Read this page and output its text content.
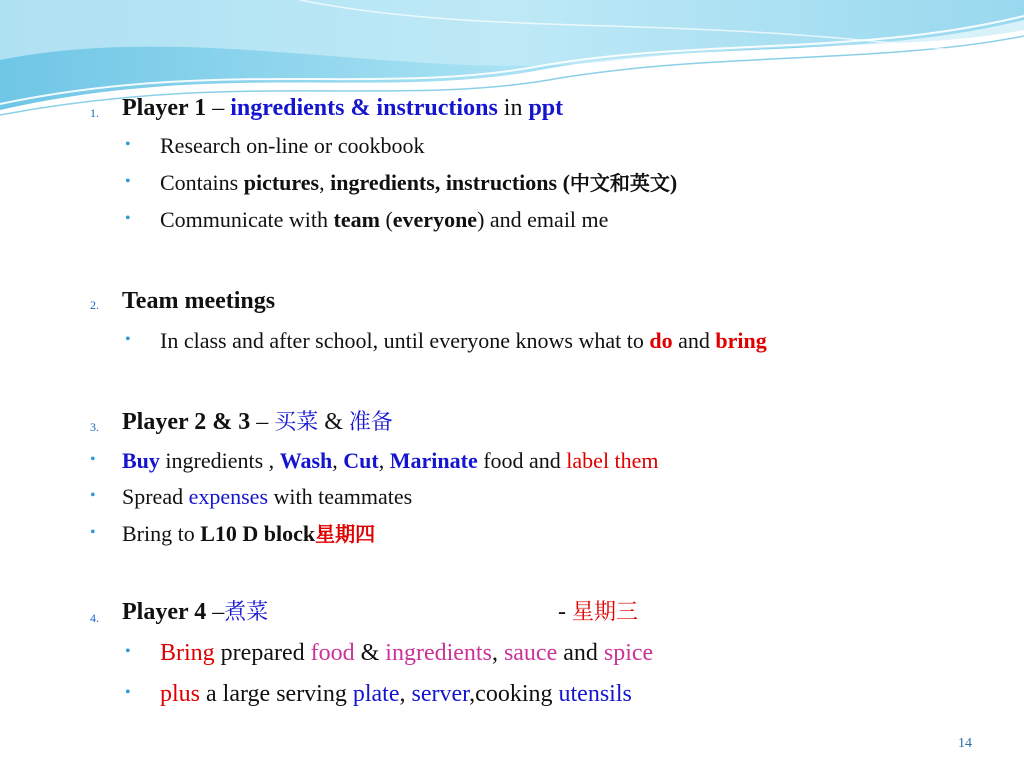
1. Player 1 – ingredients & instructions in ppt
• Research on-line or cookbook
• Contains pictures, ingredients, instructions (中文和英文)
• Communicate with team (everyone) and email me
2. Team meetings
• In class and after school, until everyone knows what to do and bring
3. Player 2 & 3 – 买菜 & 准备
• Buy ingredients , Wash, Cut, Marinate food and label them
• Spread expenses with teammates
• Bring to L10 D block星期四
4. Player 4 –煮菜	- 星期三
• Bring prepared food & ingredients, sauce and spice
• plus a large serving plate, server,cooking utensils
14
